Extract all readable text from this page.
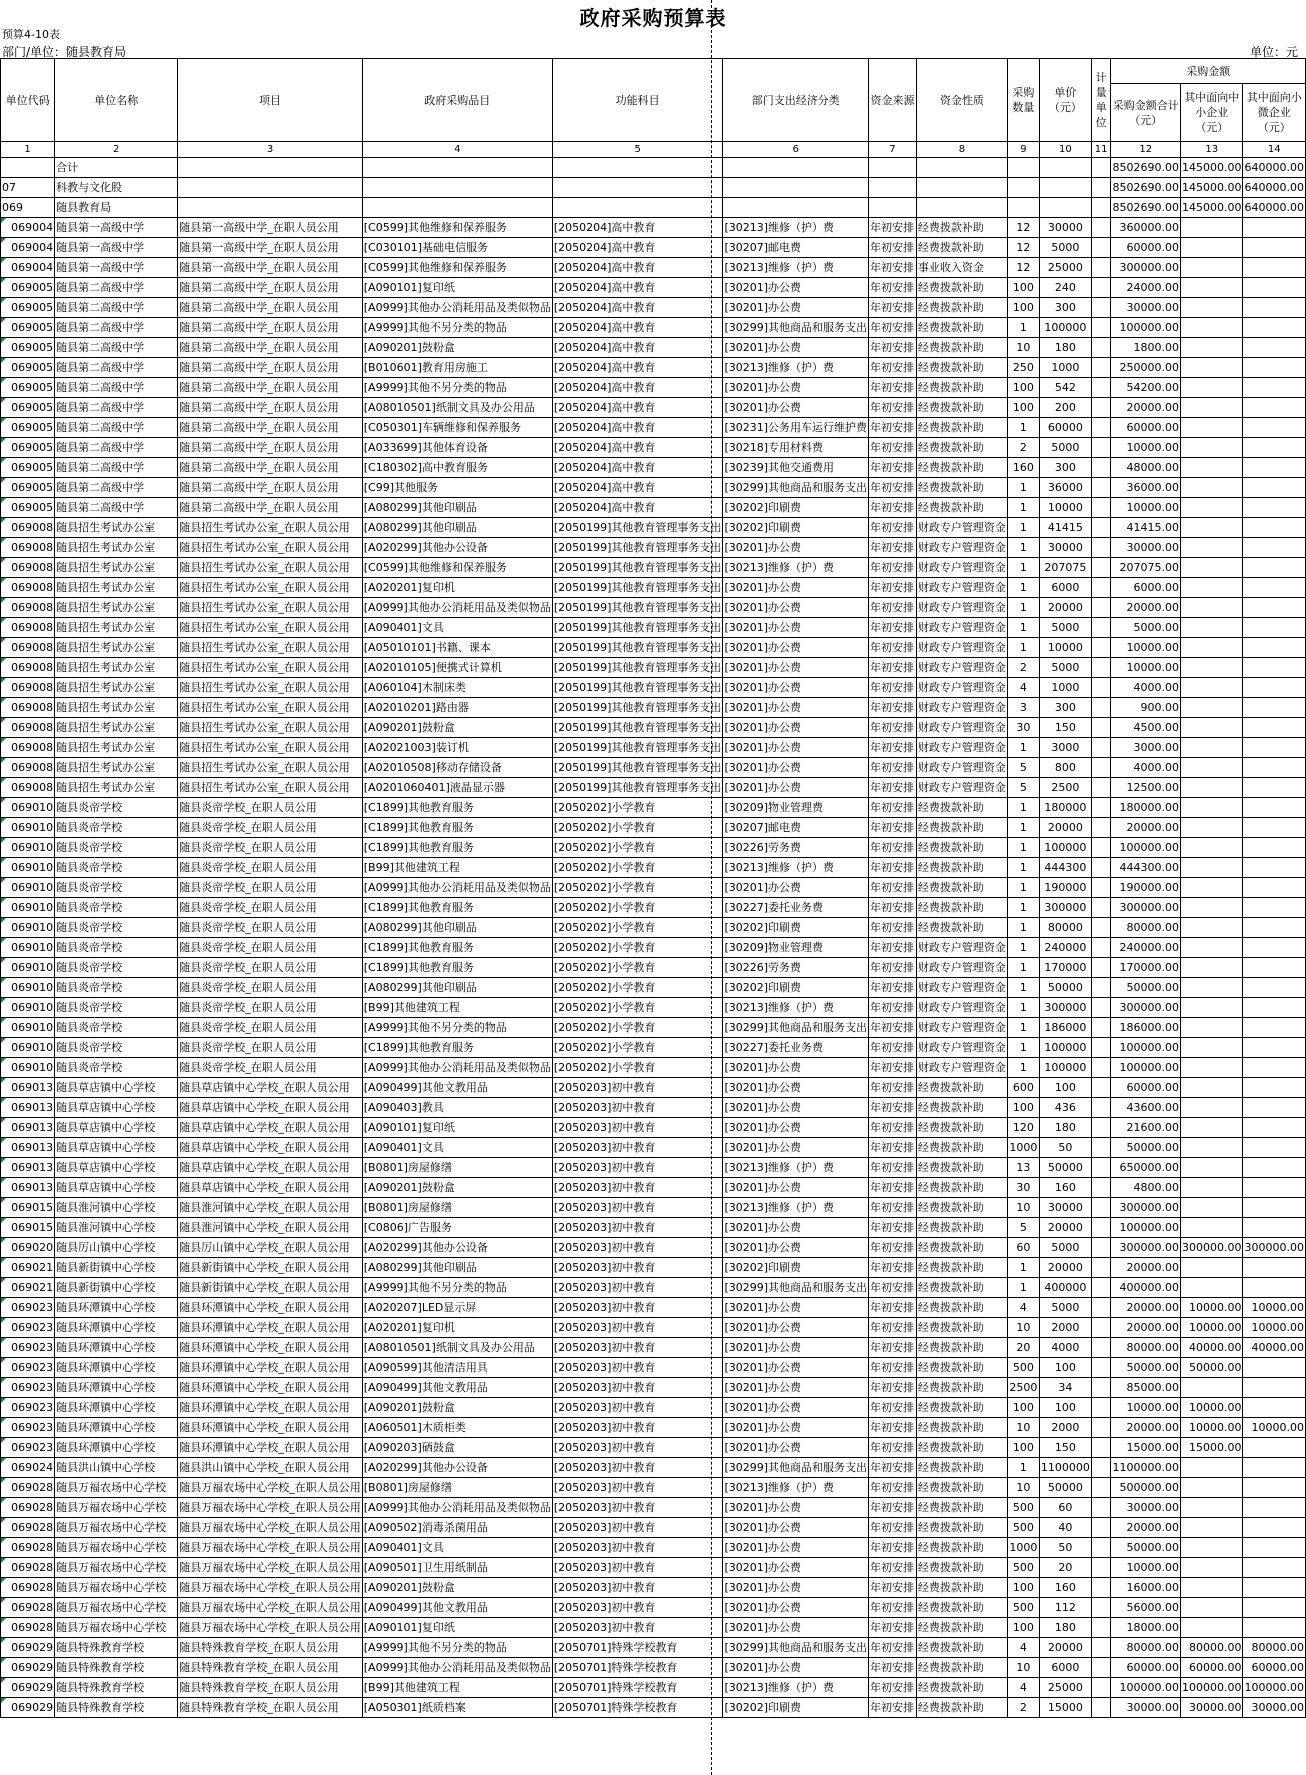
政府采购预算表
预算4-10表
部门/单位：随县教育局	单位：元
单位代码	单位名称	项目	政府采购品目	功能科目	部门支出经济分类	资金来源	资金性质	采购数量	单价（元）	计量单位	采购金额		
											采购金额合计（元）	其中面向中小企业（元）	其中面向小微企业（元）
1	2	3	4	5	6	7	8	9	10	11	12	13	14
	合计										8502690.00	145000.00	640000.00
07	科教与文化股										8502690.00	145000.00	640000.00
069	随县教育局										8502690.00	145000.00	640000.00
069004	随县第一高级中学	随县第一高级中学_在职人员公用	[C0599]其他维修和保养服务	[2050204]高中教育	[30213]维修（护）费	年初安排	经费拨款补助	12	30000		360000.00		
069004	随县第一高级中学	随县第一高级中学_在职人员公用	[C030101]基础电信服务	[2050204]高中教育	[30207]邮电费	年初安排	经费拨款补助	12	5000		60000.00		
069004	随县第一高级中学	随县第一高级中学_在职人员公用	[C0599]其他维修和保养服务	[2050204]高中教育	[30213]维修（护）费	年初安排	事业收入资金	12	25000		300000.00		
069005	随县第二高级中学	随县第二高级中学_在职人员公用	[A090101]复印纸	[2050204]高中教育	[30201]办公费	年初安排	经费拨款补助	100	240		24000.00		
069005	随县第二高级中学	随县第二高级中学_在职人员公用	[A0999]其他办公消耗用品及类似物品	[2050204]高中教育	[30201]办公费	年初安排	经费拨款补助	100	300		30000.00		
069005	随县第二高级中学	随县第二高级中学_在职人员公用	[A9999]其他不另分类的物品	[2050204]高中教育	[30299]其他商品和服务支出	年初安排	经费拨款补助	1	100000		100000.00		
069005	随县第二高级中学	随县第二高级中学_在职人员公用	[A090201]鼓粉盒	[2050204]高中教育	[30201]办公费	年初安排	经费拨款补助	10	180		1800.00		
069005	随县第二高级中学	随县第二高级中学_在职人员公用	[B010601]教育用房施工	[2050204]高中教育	[30213]维修（护）费	年初安排	经费拨款补助	250	1000		250000.00		
069005	随县第二高级中学	随县第二高级中学_在职人员公用	[A9999]其他不另分类的物品	[2050204]高中教育	[30201]办公费	年初安排	经费拨款补助	100	542		54200.00		
069005	随县第二高级中学	随县第二高级中学_在职人员公用	[A08010501]纸制文具及办公用品	[2050204]高中教育	[30201]办公费	年初安排	经费拨款补助	100	200		20000.00		
069005	随县第二高级中学	随县第二高级中学_在职人员公用	[C050301]车辆维修和保养服务	[2050204]高中教育	[30231]公务用车运行维护费	年初安排	经费拨款补助	1	60000		60000.00		
069005	随县第二高级中学	随县第二高级中学_在职人员公用	[A033699]其他体育设备	[2050204]高中教育	[30218]专用材料费	年初安排	经费拨款补助	2	5000		10000.00		
069005	随县第二高级中学	随县第二高级中学_在职人员公用	[C180302]高中教育服务	[2050204]高中教育	[30239]其他交通费用	年初安排	经费拨款补助	160	300		48000.00		
069005	随县第二高级中学	随县第二高级中学_在职人员公用	[C99]其他服务	[2050204]高中教育	[30299]其他商品和服务支出	年初安排	经费拨款补助	1	36000		36000.00		
069005	随县第二高级中学	随县第二高级中学_在职人员公用	[A080299]其他印刷品	[2050204]高中教育	[30202]印刷费	年初安排	经费拨款补助	1	10000		10000.00		
069008	随县招生考试办公室	随县招生考试办公室_在职人员公用	[A080299]其他印刷品	[2050199]其他教育管理事务支出	[30202]印刷费	年初安排	财政专户管理资金	1	41415		41415.00		
069008	随县招生考试办公室	随县招生考试办公室_在职人员公用	[A020299]其他办公设备	[2050199]其他教育管理事务支出	[30201]办公费	年初安排	财政专户管理资金	1	30000		30000.00		
069008	随县招生考试办公室	随县招生考试办公室_在职人员公用	[C0599]其他维修和保养服务	[2050199]其他教育管理事务支出	[30213]维修（护）费	年初安排	财政专户管理资金	1	207075		207075.00		
069008	随县招生考试办公室	随县招生考试办公室_在职人员公用	[A020201]复印机	[2050199]其他教育管理事务支出	[30201]办公费	年初安排	财政专户管理资金	1	6000		6000.00		
069008	随县招生考试办公室	随县招生考试办公室_在职人员公用	[A0999]其他办公消耗用品及类似物品	[2050199]其他教育管理事务支出	[30201]办公费	年初安排	财政专户管理资金	1	20000		20000.00		
069008	随县招生考试办公室	随县招生考试办公室_在职人员公用	[A090401]文具	[2050199]其他教育管理事务支出	[30201]办公费	年初安排	财政专户管理资金	1	5000		5000.00		
069008	随县招生考试办公室	随县招生考试办公室_在职人员公用	[A05010101]书籍、课本	[2050199]其他教育管理事务支出	[30201]办公费	年初安排	财政专户管理资金	1	10000		10000.00		
069008	随县招生考试办公室	随县招生考试办公室_在职人员公用	[A02010105]便携式计算机	[2050199]其他教育管理事务支出	[30201]办公费	年初安排	财政专户管理资金	2	5000		10000.00		
069008	随县招生考试办公室	随县招生考试办公室_在职人员公用	[A060104]木制床类	[2050199]其他教育管理事务支出	[30201]办公费	年初安排	财政专户管理资金	4	1000		4000.00		
069008	随县招生考试办公室	随县招生考试办公室_在职人员公用	[A02010201]路由器	[2050199]其他教育管理事务支出	[30201]办公费	年初安排	财政专户管理资金	3	300		900.00		
069008	随县招生考试办公室	随县招生考试办公室_在职人员公用	[A090201]鼓粉盒	[2050199]其他教育管理事务支出	[30201]办公费	年初安排	财政专户管理资金	30	150		4500.00		
069008	随县招生考试办公室	随县招生考试办公室_在职人员公用	[A02021003]装订机	[2050199]其他教育管理事务支出	[30201]办公费	年初安排	财政专户管理资金	1	3000		3000.00		
069008	随县招生考试办公室	随县招生考试办公室_在职人员公用	[A02010508]移动存储设备	[2050199]其他教育管理事务支出	[30201]办公费	年初安排	财政专户管理资金	5	800		4000.00		
069008	随县招生考试办公室	随县招生考试办公室_在职人员公用	[A0201060401]液晶显示器	[2050199]其他教育管理事务支出	[30201]办公费	年初安排	财政专户管理资金	5	2500		12500.00		
069010	随县炎帝学校	随县炎帝学校_在职人员公用	[C1899]其他教育服务	[2050202]小学教育	[30209]物业管理费	年初安排	经费拨款补助	1	180000		180000.00		
069010	随县炎帝学校	随县炎帝学校_在职人员公用	[C1899]其他教育服务	[2050202]小学教育	[30207]邮电费	年初安排	经费拨款补助	1	20000		20000.00		
069010	随县炎帝学校	随县炎帝学校_在职人员公用	[C1899]其他教育服务	[2050202]小学教育	[30226]劳务费	年初安排	经费拨款补助	1	100000		100000.00		
069010	随县炎帝学校	随县炎帝学校_在职人员公用	[B99]其他建筑工程	[2050202]小学教育	[30213]维修（护）费	年初安排	经费拨款补助	1	444300		444300.00		
069010	随县炎帝学校	随县炎帝学校_在职人员公用	[A0999]其他办公消耗用品及类似物品	[2050202]小学教育	[30201]办公费	年初安排	经费拨款补助	1	190000		190000.00		
069010	随县炎帝学校	随县炎帝学校_在职人员公用	[C1899]其他教育服务	[2050202]小学教育	[30227]委托业务费	年初安排	经费拨款补助	1	300000		300000.00		
069010	随县炎帝学校	随县炎帝学校_在职人员公用	[A080299]其他印刷品	[2050202]小学教育	[30202]印刷费	年初安排	经费拨款补助	1	80000		80000.00		
069010	随县炎帝学校	随县炎帝学校_在职人员公用	[C1899]其他教育服务	[2050202]小学教育	[30209]物业管理费	年初安排	财政专户管理资金	1	240000		240000.00		
069010	随县炎帝学校	随县炎帝学校_在职人员公用	[C1899]其他教育服务	[2050202]小学教育	[30226]劳务费	年初安排	财政专户管理资金	1	170000		170000.00		
069010	随县炎帝学校	随县炎帝学校_在职人员公用	[A080299]其他印刷品	[2050202]小学教育	[30202]印刷费	年初安排	财政专户管理资金	1	50000		50000.00		
069010	随县炎帝学校	随县炎帝学校_在职人员公用	[B99]其他建筑工程	[2050202]小学教育	[30213]维修（护）费	年初安排	财政专户管理资金	1	300000		300000.00		
069010	随县炎帝学校	随县炎帝学校_在职人员公用	[A9999]其他不另分类的物品	[2050202]小学教育	[30299]其他商品和服务支出	年初安排	财政专户管理资金	1	186000		186000.00		
069010	随县炎帝学校	随县炎帝学校_在职人员公用	[C1899]其他教育服务	[2050202]小学教育	[30227]委托业务费	年初安排	财政专户管理资金	1	100000		100000.00		
069010	随县炎帝学校	随县炎帝学校_在职人员公用	[A0999]其他办公消耗用品及类似物品	[2050202]小学教育	[30201]办公费	年初安排	财政专户管理资金	1	100000		100000.00		
069013	随县草店镇中心学校	随县草店镇中心学校_在职人员公用	[A090499]其他文教用品	[2050203]初中教育	[30201]办公费	年初安排	经费拨款补助	600	100		60000.00		
069013	随县草店镇中心学校	随县草店镇中心学校_在职人员公用	[A090403]教具	[2050203]初中教育	[30201]办公费	年初安排	经费拨款补助	100	436		43600.00		
069013	随县草店镇中心学校	随县草店镇中心学校_在职人员公用	[A090101]复印纸	[2050203]初中教育	[30201]办公费	年初安排	经费拨款补助	120	180		21600.00		
069013	随县草店镇中心学校	随县草店镇中心学校_在职人员公用	[A090401]文具	[2050203]初中教育	[30201]办公费	年初安排	经费拨款补助	1000	50		50000.00		
069013	随县草店镇中心学校	随县草店镇中心学校_在职人员公用	[B0801]房屋修缮	[2050203]初中教育	[30213]维修（护）费	年初安排	经费拨款补助	13	50000		650000.00		
069013	随县草店镇中心学校	随县草店镇中心学校_在职人员公用	[A090201]鼓粉盒	[2050203]初中教育	[30201]办公费	年初安排	经费拨款补助	30	160		4800.00		
069015	随县淮河镇中心学校	随县淮河镇中心学校_在职人员公用	[B0801]房屋修缮	[2050203]初中教育	[30213]维修（护）费	年初安排	经费拨款补助	10	30000		300000.00		
069015	随县淮河镇中心学校	随县淮河镇中心学校_在职人员公用	[C0806]广告服务	[2050203]初中教育	[30201]办公费	年初安排	经费拨款补助	5	20000		100000.00		
069020	随县厉山镇中心学校	随县厉山镇中心学校_在职人员公用	[A020299]其他办公设备	[2050203]初中教育	[30201]办公费	年初安排	经费拨款补助	60	5000		300000.00	300000.00	300000.00
069021	随县新街镇中心学校	随县新街镇中心学校_在职人员公用	[A080299]其他印刷品	[2050203]初中教育	[30202]印刷费	年初安排	经费拨款补助	1	20000		20000.00		
069021	随县新街镇中心学校	随县新街镇中心学校_在职人员公用	[A9999]其他不另分类的物品	[2050203]初中教育	[30299]其他商品和服务支出	年初安排	经费拨款补助	1	400000		400000.00		
069023	随县环潭镇中心学校	随县环潭镇中心学校_在职人员公用	[A020207]LED显示屏	[2050203]初中教育	[30201]办公费	年初安排	经费拨款补助	4	5000		20000.00	10000.00	10000.00
069023	随县环潭镇中心学校	随县环潭镇中心学校_在职人员公用	[A020201]复印机	[2050203]初中教育	[30201]办公费	年初安排	经费拨款补助	10	2000		20000.00	10000.00	10000.00
069023	随县环潭镇中心学校	随县环潭镇中心学校_在职人员公用	[A08010501]纸制文具及办公用品	[2050203]初中教育	[30201]办公费	年初安排	经费拨款补助	20	4000		80000.00	40000.00	40000.00
069023	随县环潭镇中心学校	随县环潭镇中心学校_在职人员公用	[A090599]其他清洁用具	[2050203]初中教育	[30201]办公费	年初安排	经费拨款补助	500	100		50000.00	50000.00	
069023	随县环潭镇中心学校	随县环潭镇中心学校_在职人员公用	[A090499]其他文教用品	[2050203]初中教育	[30201]办公费	年初安排	经费拨款补助	2500	34		85000.00		
069023	随县环潭镇中心学校	随县环潭镇中心学校_在职人员公用	[A090201]鼓粉盒	[2050203]初中教育	[30201]办公费	年初安排	经费拨款补助	100	100		10000.00	10000.00	
069023	随县环潭镇中心学校	随县环潭镇中心学校_在职人员公用	[A060501]木质柜类	[2050203]初中教育	[30201]办公费	年初安排	经费拨款补助	10	2000		20000.00	10000.00	10000.00
069023	随县环潭镇中心学校	随县环潭镇中心学校_在职人员公用	[A090203]硒鼓盒	[2050203]初中教育	[30201]办公费	年初安排	经费拨款补助	100	150		15000.00	15000.00	
069024	随县洪山镇中心学校	随县洪山镇中心学校_在职人员公用	[A020299]其他办公设备	[2050203]初中教育	[30299]其他商品和服务支出	年初安排	经费拨款补助	1	1100000		1100000.00		
069028	随县万福农场中心学校	随县万福农场中心学校_在职人员公用	[B0801]房屋修缮	[2050203]初中教育	[30213]维修（护）费	年初安排	经费拨款补助	10	50000		500000.00		
069028	随县万福农场中心学校	随县万福农场中心学校_在职人员公用	[A0999]其他办公消耗用品及类似物品	[2050203]初中教育	[30201]办公费	年初安排	经费拨款补助	500	60		30000.00		
069028	随县万福农场中心学校	随县万福农场中心学校_在职人员公用	[A090502]消毒杀菌用品	[2050203]初中教育	[30201]办公费	年初安排	经费拨款补助	500	40		20000.00		
069028	随县万福农场中心学校	随县万福农场中心学校_在职人员公用	[A090401]文具	[2050203]初中教育	[30201]办公费	年初安排	经费拨款补助	1000	50		50000.00		
069028	随县万福农场中心学校	随县万福农场中心学校_在职人员公用	[A090501]卫生用纸制品	[2050203]初中教育	[30201]办公费	年初安排	经费拨款补助	500	20		10000.00		
069028	随县万福农场中心学校	随县万福农场中心学校_在职人员公用	[A090201]鼓粉盒	[2050203]初中教育	[30201]办公费	年初安排	经费拨款补助	100	160		16000.00		
069028	随县万福农场中心学校	随县万福农场中心学校_在职人员公用	[A090499]其他文教用品	[2050203]初中教育	[30201]办公费	年初安排	经费拨款补助	500	112		56000.00		
069028	随县万福农场中心学校	随县万福农场中心学校_在职人员公用	[A090101]复印纸	[2050203]初中教育	[30201]办公费	年初安排	经费拨款补助	100	180		18000.00		
069029	随县特殊教育学校	随县特殊教育学校_在职人员公用	[A9999]其他不另分类的物品	[2050701]特殊学校教育	[30299]其他商品和服务支出	年初安排	经费拨款补助	4	20000		80000.00	80000.00	80000.00
069029	随县特殊教育学校	随县特殊教育学校_在职人员公用	[A0999]其他办公消耗用品及类似物品	[2050701]特殊学校教育	[30201]办公费	年初安排	经费拨款补助	10	6000		60000.00	60000.00	60000.00
069029	随县特殊教育学校	随县特殊教育学校_在职人员公用	[B99]其他建筑工程	[2050701]特殊学校教育	[30213]维修（护）费	年初安排	经费拨款补助	4	25000		100000.00	100000.00	100000.00
069029	随县特殊教育学校	随县特殊教育学校_在职人员公用	[A050301]纸质档案	[2050701]特殊学校教育	[30202]印刷费	年初安排	经费拨款补助	2	15000		30000.00	30000.00	30000.00
